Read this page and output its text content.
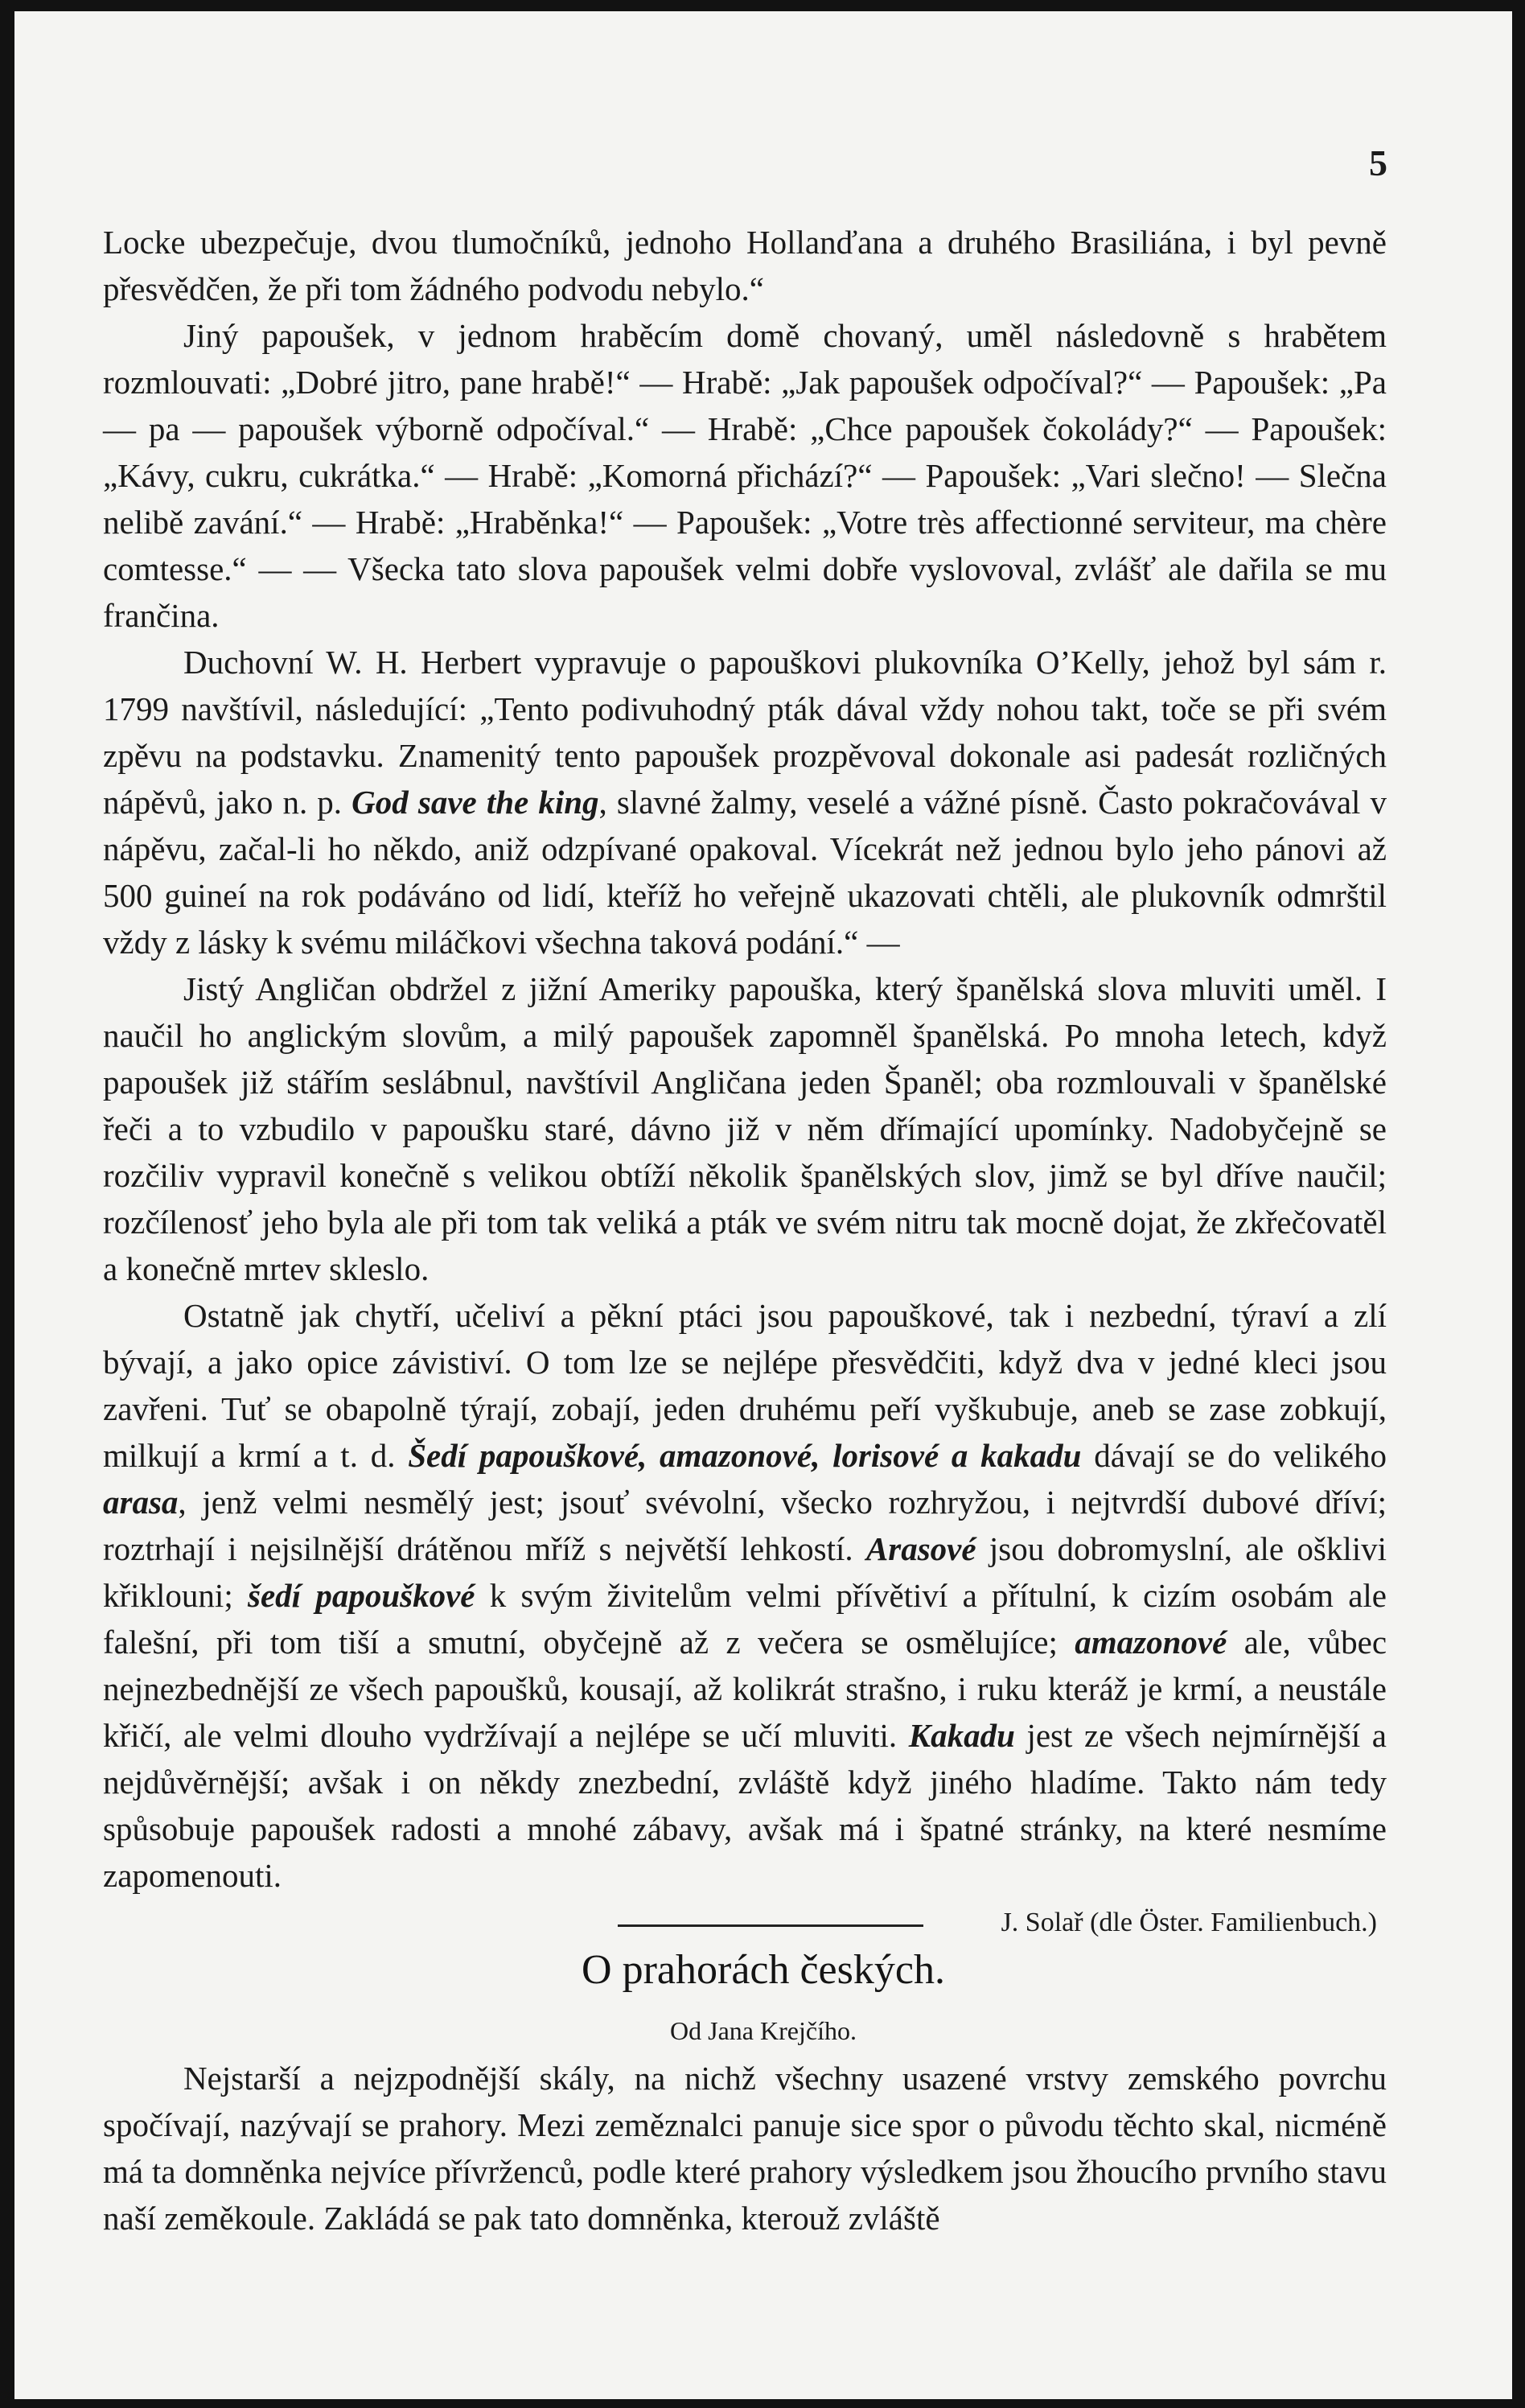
5

Locke ubezpečuje, dvou tlumočníků, jednoho Hollanďana a druhého Brasiliána, i byl pevně přesvědčen, že při tom žádného podvodu nebylo.“

Jiný papoušek, v jednom hraběcím domě chovaný, uměl následovně s hrabětem rozmlouvati: „Dobré jitro, pane hrabě!“ — Hrabě: „Jak papoušek odpočíval?“ — Papoušek: „Pa — pa — papoušek výborně odpočíval.“ — Hrabě: „Chce papoušek čokolády?“ — Papoušek: „Kávy, cukru, cukrátka.“ — Hrabě: „Komorná přichází?“ — Papoušek: „Vari slečno! — Slečna nelibě zavání.“ — Hrabě: „Hraběnka!“ — Papoušek: „Votre très affectionné serviteur, ma chère comtesse.“ — — Všecka tato slova papoušek velmi dobře vyslovoval, zvlášť ale dařila se mu frančina.

Duchovní W. H. Herbert vypravuje o papouškovi plukovníka O’Kelly, jehož byl sám r. 1799 navštívil, následující: „Tento podivuhodný pták dával vždy nohou takt, toče se při svém zpěvu na podstavku. Znamenitý tento papoušek prozpěvoval dokonale asi padesát rozličných nápěvů, jako n. p. God save the king, slavné žalmy, veselé a vážné písně. Často pokračovával v nápěvu, začal-li ho někdo, aniž odzpívané opakoval. Vícekrát než jednou bylo jeho pánovi až 500 guineí na rok podáváno od lidí, kteříž ho veřejně ukazovati chtěli, ale plukovník odmrštil vždy z lásky k svému miláčkovi všechna taková podání.“ —

Jistý Angličan obdržel z jižní Ameriky papouška, který španělská slova mluviti uměl. I naučil ho anglickým slovům, a milý papoušek zapomněl španělská. Po mnoha letech, když papoušek již stářím seslábnul, navštívil Angličana jeden Španěl; oba rozmlouvali v španělské řeči a to vzbudilo v papoušku staré, dávno již v něm dřímající upomínky. Nadobyčejně se rozčiliv vypravil konečně s velikou obtíží několik španělských slov, jimž se byl dříve naučil; rozčílenosť jeho byla ale při tom tak veliká a pták ve svém nitru tak mocně dojat, že zkřečovatěl a konečně mrtev skleslo.

Ostatně jak chytří, učeliví a pěkní ptáci jsou papouškové, tak i nezbední, týraví a zlí bývají, a jako opice závistiví. O tom lze se nejlépe přesvědčiti, když dva v jedné kleci jsou zavřeni. Tuť se obapolně týrají, zobají, jeden druhému peří vyškubuje, aneb se zase zobkují, milkují a krmí a t. d. Šedí papouškové, amazonové, lorisové a kakadu dávají se do velikého arasa, jenž velmi nesmělý jest; jsouť svévolní, všecko rozhryžou, i nejtvrdší dubové dříví; roztrhají i nejsilnější drátěnou mříž s největší lehkostí. Arasové jsou dobromyslní, ale ošklivi křiklouni; šedí papouškové k svým živitelům velmi přívětiví a přítulní, k cizím osobám ale falešní, při tom tiší a smutní, obyčejně až z večera se osmělujíce; amazonové ale, vůbec nejnezbednější ze všech papoušků, kousají, až kolikrát strašno, i ruku kteráž je krmí, a neustále křičí, ale velmi dlouho vydržívají a nejlépe se učí mluviti. Kakadu jest ze všech nejmírnější a nejdůvěrnější; avšak i on někdy znezbední, zvláště když jiného hladíme. Takto nám tedy spůsobuje papoušek radosti a mnohé zábavy, avšak má i špatné stránky, na které nesmíme zapomenouti.

J. Solař (dle Öster. Familienbuch.)
O prahorách českých.
Od Jana Krejčího.
Nejstarší a nejzpodnější skály, na nichž všechny usazené vrstvy zemského povrchu spočívají, nazývají se prahory. Mezi zeměznalci panuje sice spor o původu těchto skal, nicméně má ta domněnka nejvíce přívrženců, podle které prahory výsledkem jsou žhoucího prvního stavu naší zeměkoule. Zakládá se pak tato domněnka, kterouž zvláště
